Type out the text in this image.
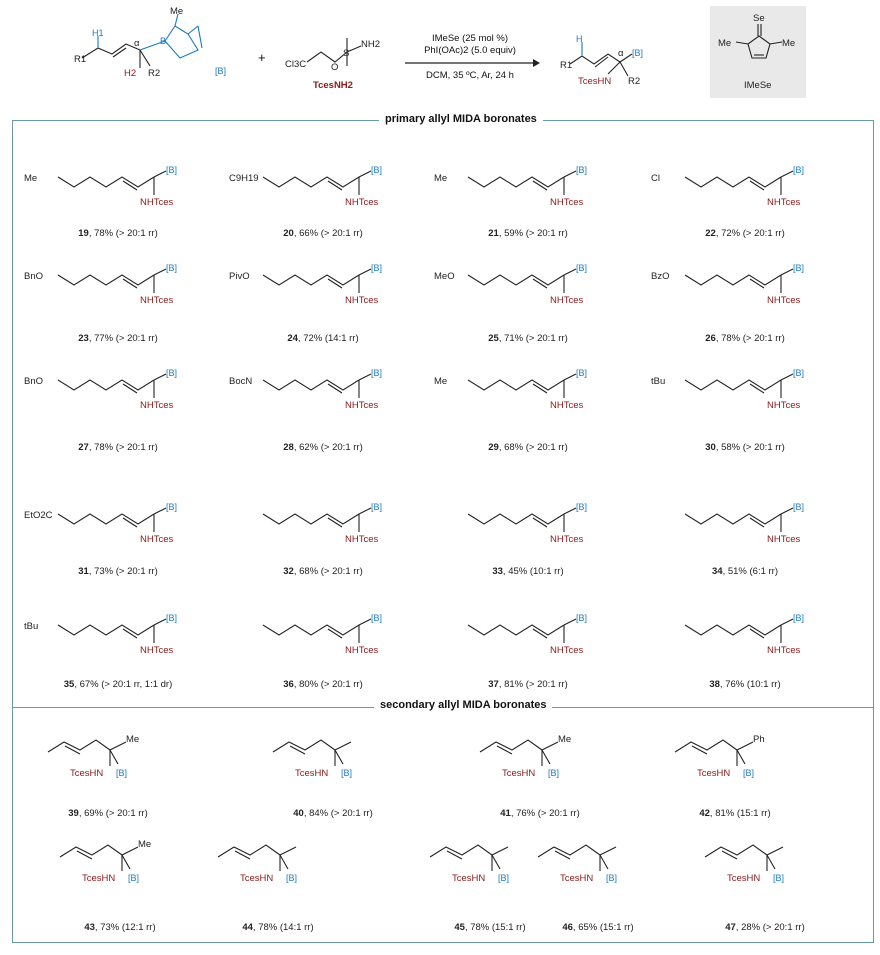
H1
R1
H2 R2
α
Me
B
[B]
+ Cl3C	O
S
NH2
TcesNH2
IMeSe (25 mol %)
PhI(OAc)2 (5.0 equiv)
DCM, 35 ºC, Ar, 24 h
H
R1
α [B]
TcesHN R2
Se
Me	Me
IMeSe
primary allyl MIDA boronates
secondary allyl MIDA boronates
Me
[B]
NHTces
19, 78% (> 20:1 rr)
C9H19
[B]
NHTces
20, 66% (> 20:1 rr)
Me
[B]
NHTces
21, 59% (> 20:1 rr)
Cl
[B]
NHTces
22, 72% (> 20:1 rr)
BnO
[B]
NHTces
23, 77% (> 20:1 rr)
PivO
[B]
NHTces
24, 72% (14:1 rr)
MeO
[B]
NHTces
25, 71% (> 20:1 rr)
BzO
[B]
NHTces
26, 78% (> 20:1 rr)
BnO
[B]
NHTces
27, 78% (> 20:1 rr)
BocN
[B]
NHTces
28, 62% (> 20:1 rr)
Me
[B]
NHTces
29, 68% (> 20:1 rr)
tBu
[B]
NHTces
30, 58% (> 20:1 rr)
EtO2C
[B]
NHTces
31, 73% (> 20:1 rr)
[B]
NHTces
32, 68% (> 20:1 rr)
[B]
NHTces
33, 45% (10:1 rr)
[B]
NHTces
34, 51% (6:1 rr)
tBu
[B]
NHTces
35, 67% (> 20:1 rr, 1:1 dr)
[B]
NHTces
36, 80% (> 20:1 rr)
[B]
NHTces
37, 81% (> 20:1 rr)
[B]
NHTces
38, 76% (10:1 rr)
Me
TcesHN [B]
39, 69% (> 20:1 rr)
TcesHN [B]
40, 84% (> 20:1 rr)
Me
TcesHN [B]
41, 76% (> 20:1 rr)
Ph
TcesHN [B]
42, 81% (15:1 rr)
Me
TcesHN [B]
43, 73% (12:1 rr)
TcesHN [B]
44, 78% (14:1 rr)
TcesHN [B]
45, 78% (15:1 rr)
TcesHN [B]
46, 65% (15:1 rr)
TcesHN [B]
47, 28% (> 20:1 rr)
